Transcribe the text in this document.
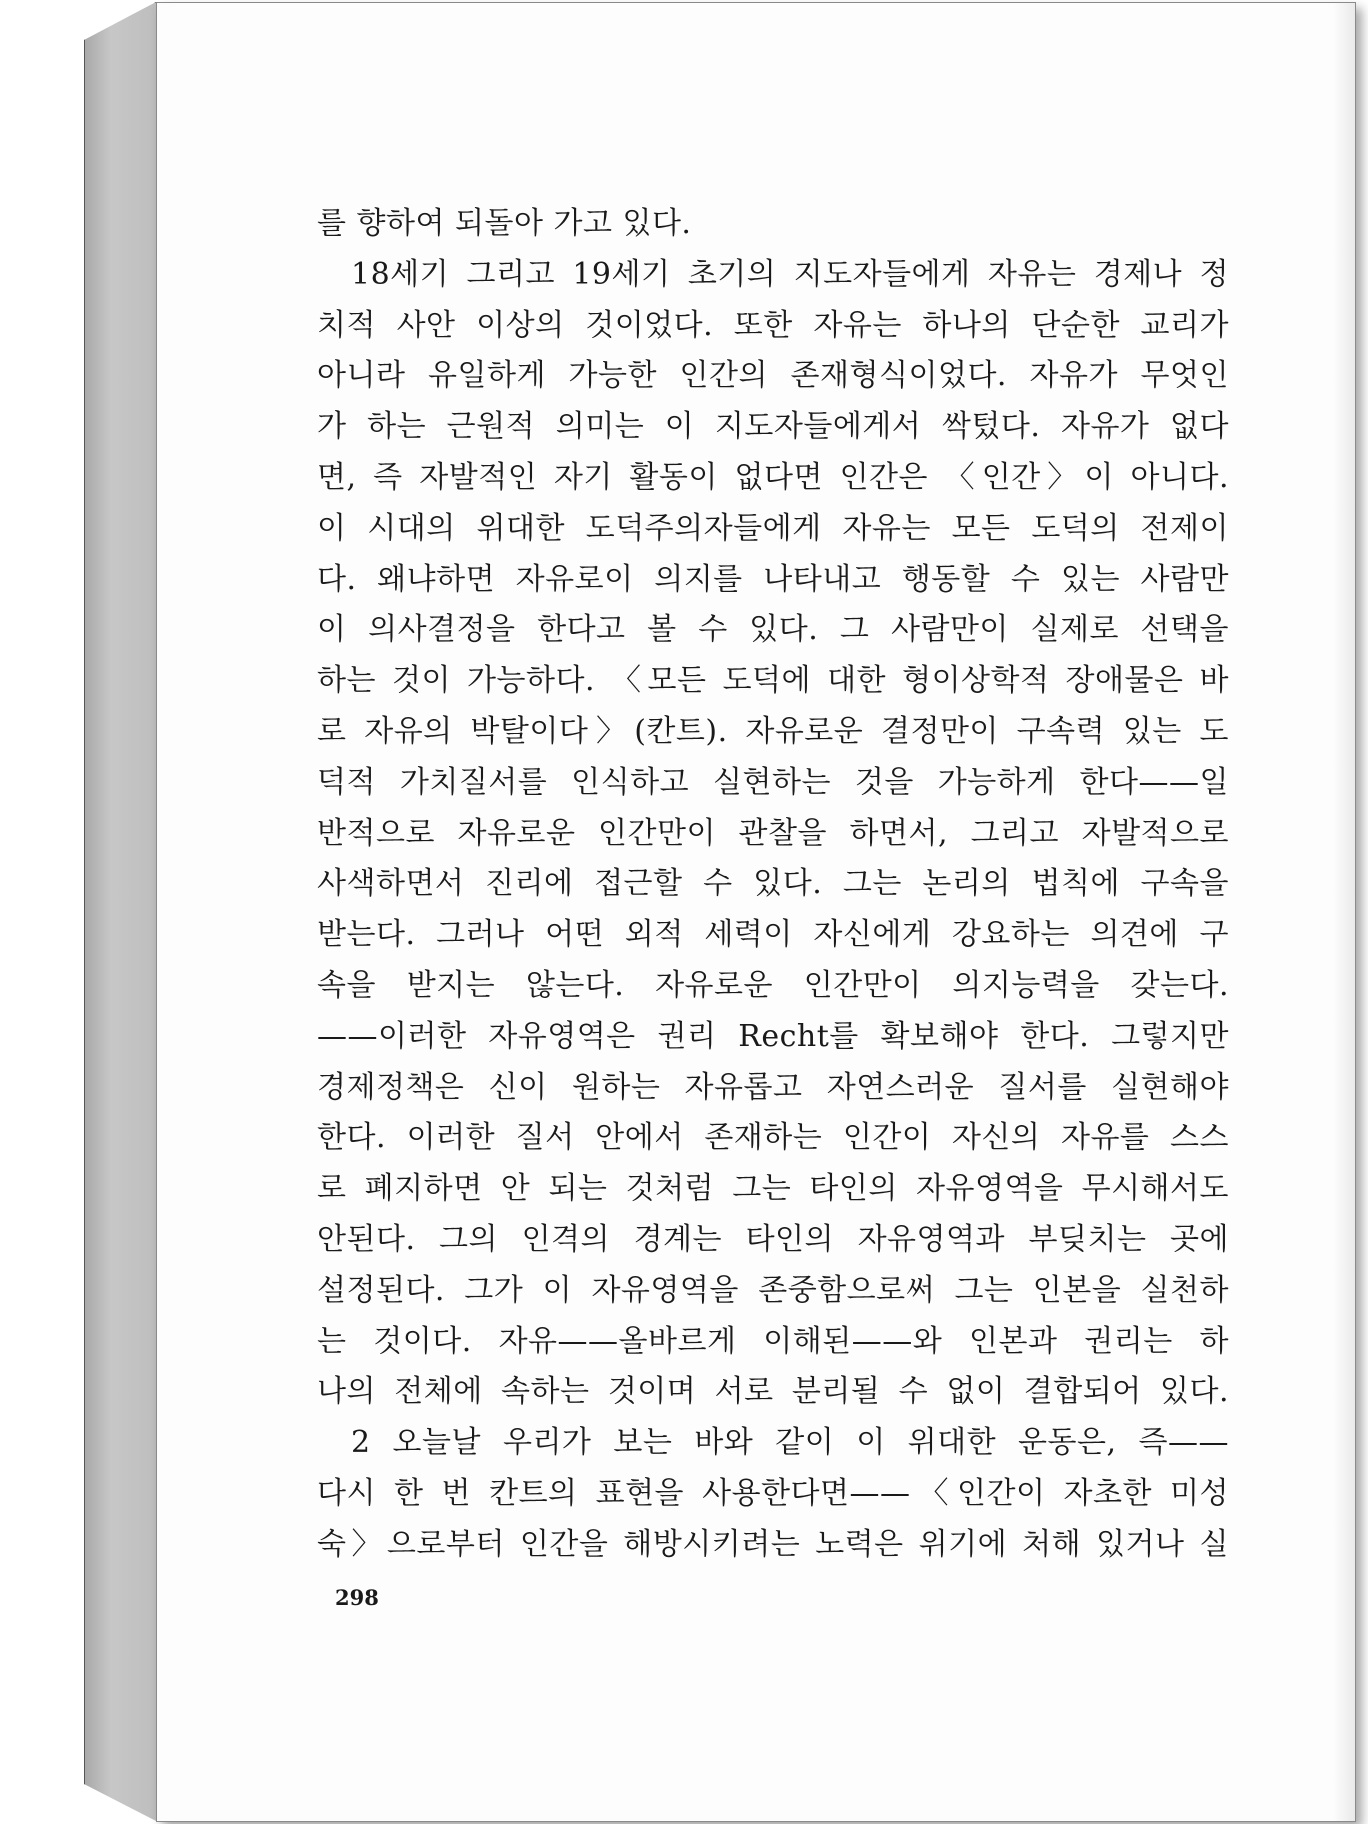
를 향하여 되돌아 가고 있다.
18세기 그리고 19세기 초기의 지도자들에게 자유는 경제나 정
치적 사안 이상의 것이었다. 또한 자유는 하나의 단순한 교리가
아니라 유일하게 가능한 인간의 존재형식이었다. 자유가 무엇인
가 하는 근원적 의미는 이 지도자들에게서 싹텄다. 자유가 없다
면, 즉 자발적인 자기 활동이 없다면 인간은 〈인간〉이 아니다.
이 시대의 위대한 도덕주의자들에게 자유는 모든 도덕의 전제이
다. 왜냐하면 자유로이 의지를 나타내고 행동할 수 있는 사람만
이 의사결정을 한다고 볼 수 있다. 그 사람만이 실제로 선택을
하는 것이 가능하다. 〈모든 도덕에 대한 형이상학적 장애물은 바
로 자유의 박탈이다〉(칸트). 자유로운 결정만이 구속력 있는 도
덕적 가치질서를 인식하고 실현하는 것을 가능하게 한다——일
반적으로 자유로운 인간만이 관찰을 하면서, 그리고 자발적으로
사색하면서 진리에 접근할 수 있다. 그는 논리의 법칙에 구속을
받는다. 그러나 어떤 외적 세력이 자신에게 강요하는 의견에 구
속을 받지는 않는다. 자유로운 인간만이 의지능력을 갖는다.
——이러한 자유영역은 권리 Recht를 확보해야 한다. 그렇지만
경제정책은 신이 원하는 자유롭고 자연스러운 질서를 실현해야
한다. 이러한 질서 안에서 존재하는 인간이 자신의 자유를 스스
로 폐지하면 안 되는 것처럼 그는 타인의 자유영역을 무시해서도
안된다. 그의 인격의 경계는 타인의 자유영역과 부딪치는 곳에
설정된다. 그가 이 자유영역을 존중함으로써 그는 인본을 실천하
는 것이다. 자유——올바르게 이해된——와 인본과 권리는 하
나의 전체에 속하는 것이며 서로 분리될 수 없이 결합되어 있다.
2 오늘날 우리가 보는 바와 같이 이 위대한 운동은, 즉——
다시 한 번 칸트의 표현을 사용한다면——〈인간이 자초한 미성
숙〉으로부터 인간을 해방시키려는 노력은 위기에 처해 있거나 실
298
